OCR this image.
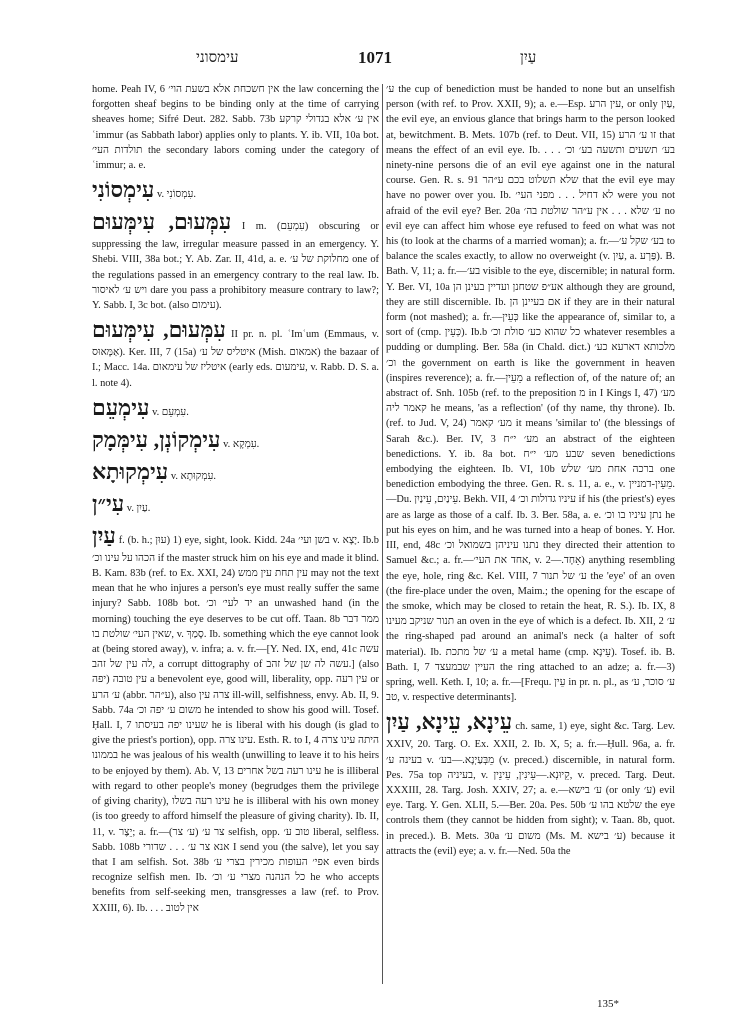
עימסוני	1071	עַיִן

home. Peah IV, 6 אין חשכחת אלא בשעת הוי׳ the law concerning the forgotten sheaf begins to be binding only at the time of carrying sheaves home; Sifré Deut. 282. Sabb. 73b אין ע׳ אלא בגדולי קרקע ʿimmur (as Sabbath labor) applies only to plants. Y. ib. VII, 10a bot. תולדות העי׳ the secondary labors coming under the category of ʿimmur; a. e.

עִימְסוֹנִי v. עִמְסוֹנִי.

עִמְּעוּם, עִימְּעוּם I m. (עִמְעֵם) obscuring or suppressing the law, irregular measure passed in an emergency. Y. Shebi. VIII, 38a bot.; Y. Ab. Zar. II, 41d, a. e. מחלוקת של ע׳ one of the regulations passed in an emergency contrary to the real law. Ib. ויש ע׳ לאיסור dare you pass a prohibitory measure contrary to law?; Y. Sabb. I, 3c bot. (also עימום).

עִמְּעוּם, עִימְּעוּם II pr. n. pl. ʿImʿum (Emmaus, v. אַמָּאוּס). Ker. III, 7 (15a) איטליס של ע׳ (Mish. אמאום) the bazaar of I.; Macc. 14a. איטליז של עימאום (early eds. עימעום, v. Rabb. D. S. a. l. note 4).

עִימְעֵם v. עִמְעֵם.

עִימְקוֹנְן, עִימְּמָק v. עִמְקָא.

עִימְקוּתָא v. עִמְקוּתָא.

עִי״ן v. עַיִן.

עַיִן f. (b. h.; עוּן) 1) eye, sight, look. Kidd. 24a בשן ועי׳ v. יָצָא. Ib.b הכהו על עינו וכ׳ if the master struck him on his eye and made it blind. B. Kam. 83b (ref. to Ex. XXI, 24) עין תחת עין ממש may not the text mean that he who injures a person's eye must really suffer the same injury? Sabb. 108b bot. יד לעי׳ וכ׳ an unwashed hand (in the morning) touching the eye deserves to be cut off. Taan. 8b ממר דבר שאין העי׳ שולטת בו, v. סָמַךְ. Ib. something which the eye cannot look at (being stored away), v. infra; a. v. fr.—[Y. Ned. IX, end, 41c עשה לה עין של זהב, a corrupt dittography of עשה לה שן של זהב.] (also יפה) עין טובה a benevolent eye, good will, liberality, opp. עין רעה or ע׳ הרע (abbr. ע״הר), also צרה עין ill-will, selfishness, envy. Ab. II, 9. Sabb. 74a משום ע׳ יפה וכ׳ he intended to show his good will. Tosef. Ḥall. I, 7 שעינו יפה בעיסתו he is liberal with his dough (is glad to give the priest's portion), opp. עינו צרה. Esth. R. to I, 4 היתה עינו צרה בממונו he was jealous of his wealth (unwilling to leave it to his heirs to be enjoyed by them). Ab. V, 13 עינו רעה בשל אחרים he is illiberal with regard to other people's money (begrudges them the privilege of giving charity), עינו רעה בשלו he is illiberal with his own money (is too greedy to afford himself the pleasure of giving charity). Ib. II, 11, v. יֵצֶר; a. fr.—(ע׳ צר) צר ע׳ selfish, opp. טוב ע׳ liberal, selfless. Sabb. 108b אנא צר ע׳ . . . שדורי I send you (the salve), let you say that I am selfish. Sot. 38b אפי׳ העופות מכירין בצרי ע׳ even birds recognize selfish men. Ib. כל הנהנה מצרי ע׳ וכ׳ he who accepts benefits from self-seeking men, transgresses a law (ref. to Prov. XXIII, 6). Ib. . . . אין לטוב

ע׳ the cup of benediction must be handed to none but an unselfish person (with ref. to Prov. XXII, 9); a. e.—Esp. עין הרע, or only עַיִן, the evil eye, an envious glance that brings harm to the person looked at, bewitchment. B. Mets. 107b (ref. to Deut. VII, 15) זו ע׳ הרע that means the effect of an evil eye. Ib. . . . בע׳ תשעים ותשעה בע׳ וכ׳ ninety-nine persons die of an evil eye against one in the natural course. Gen. R. s. 91 שלא תשלוט בכם ע״הר that the evil eye may have no power over you. Ib. לא דחיל . . . מפני העי׳ were you not afraid of the evil eye? Ber. 20a ע׳ שלא . . . אין ע״הר שולטת בה׳ no evil eye can affect him whose eye refused to feed on what was not his (to look at the charms of a married woman); a. fr.—בע׳ שקל ע׳ to balance the scales exactly, to allow no overweight (v. עַיִן, a. פַּרְע). B. Bath. V, 11; a. fr.—בע׳ visible to the eye, discernible; in natural form. Y. Ber. VI, 10a אע״פ שטחנן ועדיין בעינן הן although they are ground, they are still discernible. Ib. אם בעיינן הן if they are in their natural form (not mashed); a. fr.—כְּעֵין like the appearance of, similar to, a sort of (cmp. כְּעֵין). Ib.b כל שהוא כע׳ סולת וכ׳ whatever resembles a pudding or dumpling. Ber. 58a (in Chald. dict.) מלכותא דארעא כע׳ וכ׳ the government on earth is like the government in heaven (inspires reverence); a. fr.—מֵעֵין a reflection of, of the nature of; an abstract of. Snh. 105b (ref. to the preposition מ in I Kings I, 47) מע׳ קאמר ליה he means, 'as a reflection' (of thy name, thy throne). Ib. (ref. to Jud. V, 24) מע׳ קאמר it means 'similar to' (the blessings of Sarah &c.). Ber. IV, 3 מע׳ י״ח an abstract of the eighteen benedictions. Y. ib. 8a bot. שבע מע׳ י״ח seven benedictions embodying the eighteen. Ib. VI, 10b ברכה אחת מע׳ שלש one benediction embodying the three. Gen. R. s. 11, a. e., v. מֵעֵין-דמניין.—Du. עֵינַיִם, עֵינַיִן. Bekh. VII, 4 עיניו גדולות וכ׳ if his (the priest's) eyes are as large as those of a calf. Ib. 3. Ber. 58a, a. e. נתן עיניו בו וכ׳ he put his eyes on him, and he was turned into a heap of bones. Y. Hor. III, end, 48c נתנו עיניהן בשמואל וכ׳ they directed their attention to Samuel &c.; a. fr.—אחד את העי׳, v. אֵחָד.—2) anything resembling the eye, hole, ring &c. Kel. VIII, 7 ע׳ של תנור the 'eye' of an oven (the fire-place under the oven, Maim.; the opening for the escape of the smoke, which may be closed to retain the heat, R. S.). Ib. IX, 8 תנור שניקב מעינו an oven in the eye of which is a defect. Ib. XII, 2 ע׳ the ring-shaped pad around an animal's neck (a halter of soft material). Ib. ע׳ של מתכת a metal hame (cmp. עֵינָא). Tosef. ib. B. Bath. I, 7 העיין שבמעצד the ring attached to an adze; a. fr.—3) spring, well. Keth. I, 10; a. fr.—[Frequ. עֵין in pr. n. pl., as ע׳ סוכר, ע׳ טב, v. respective determinants].

עֵינָא, עֵינָא, עַיִן ch. same, 1) eye, sight &c. Targ. Lev. XXIV, 20. Targ. O. Ex. XXII, 2. Ib. X, 5; a. fr.—Ḥull. 96a, a. fr. בעינה ע׳ v. מֵבְּעַיְנָא.—בע׳ (v. preced.) discernible, in natural form. Pes. 75a top בעיניה, v. קֵיוּנְא.—עֵינִין, עֵינֵין, v. preced. Targ. Deut. XXXIII, 28. Targ. Josh. XXIV, 27; a. e.—ע׳ בישא (or only ע׳) evil eye. Targ. Y. Gen. XLII, 5.—Ber. 20a. Pes. 50b שלטא בהו ע׳ the eye controls them (they cannot be hidden from sight); v. Taan. 8b, quot. in preced.). B. Mets. 30a משום ע׳ (Ms. M. ע׳ בישא) because it attracts the (evil) eye; a. v. fr.—Ned. 50a the

135*
